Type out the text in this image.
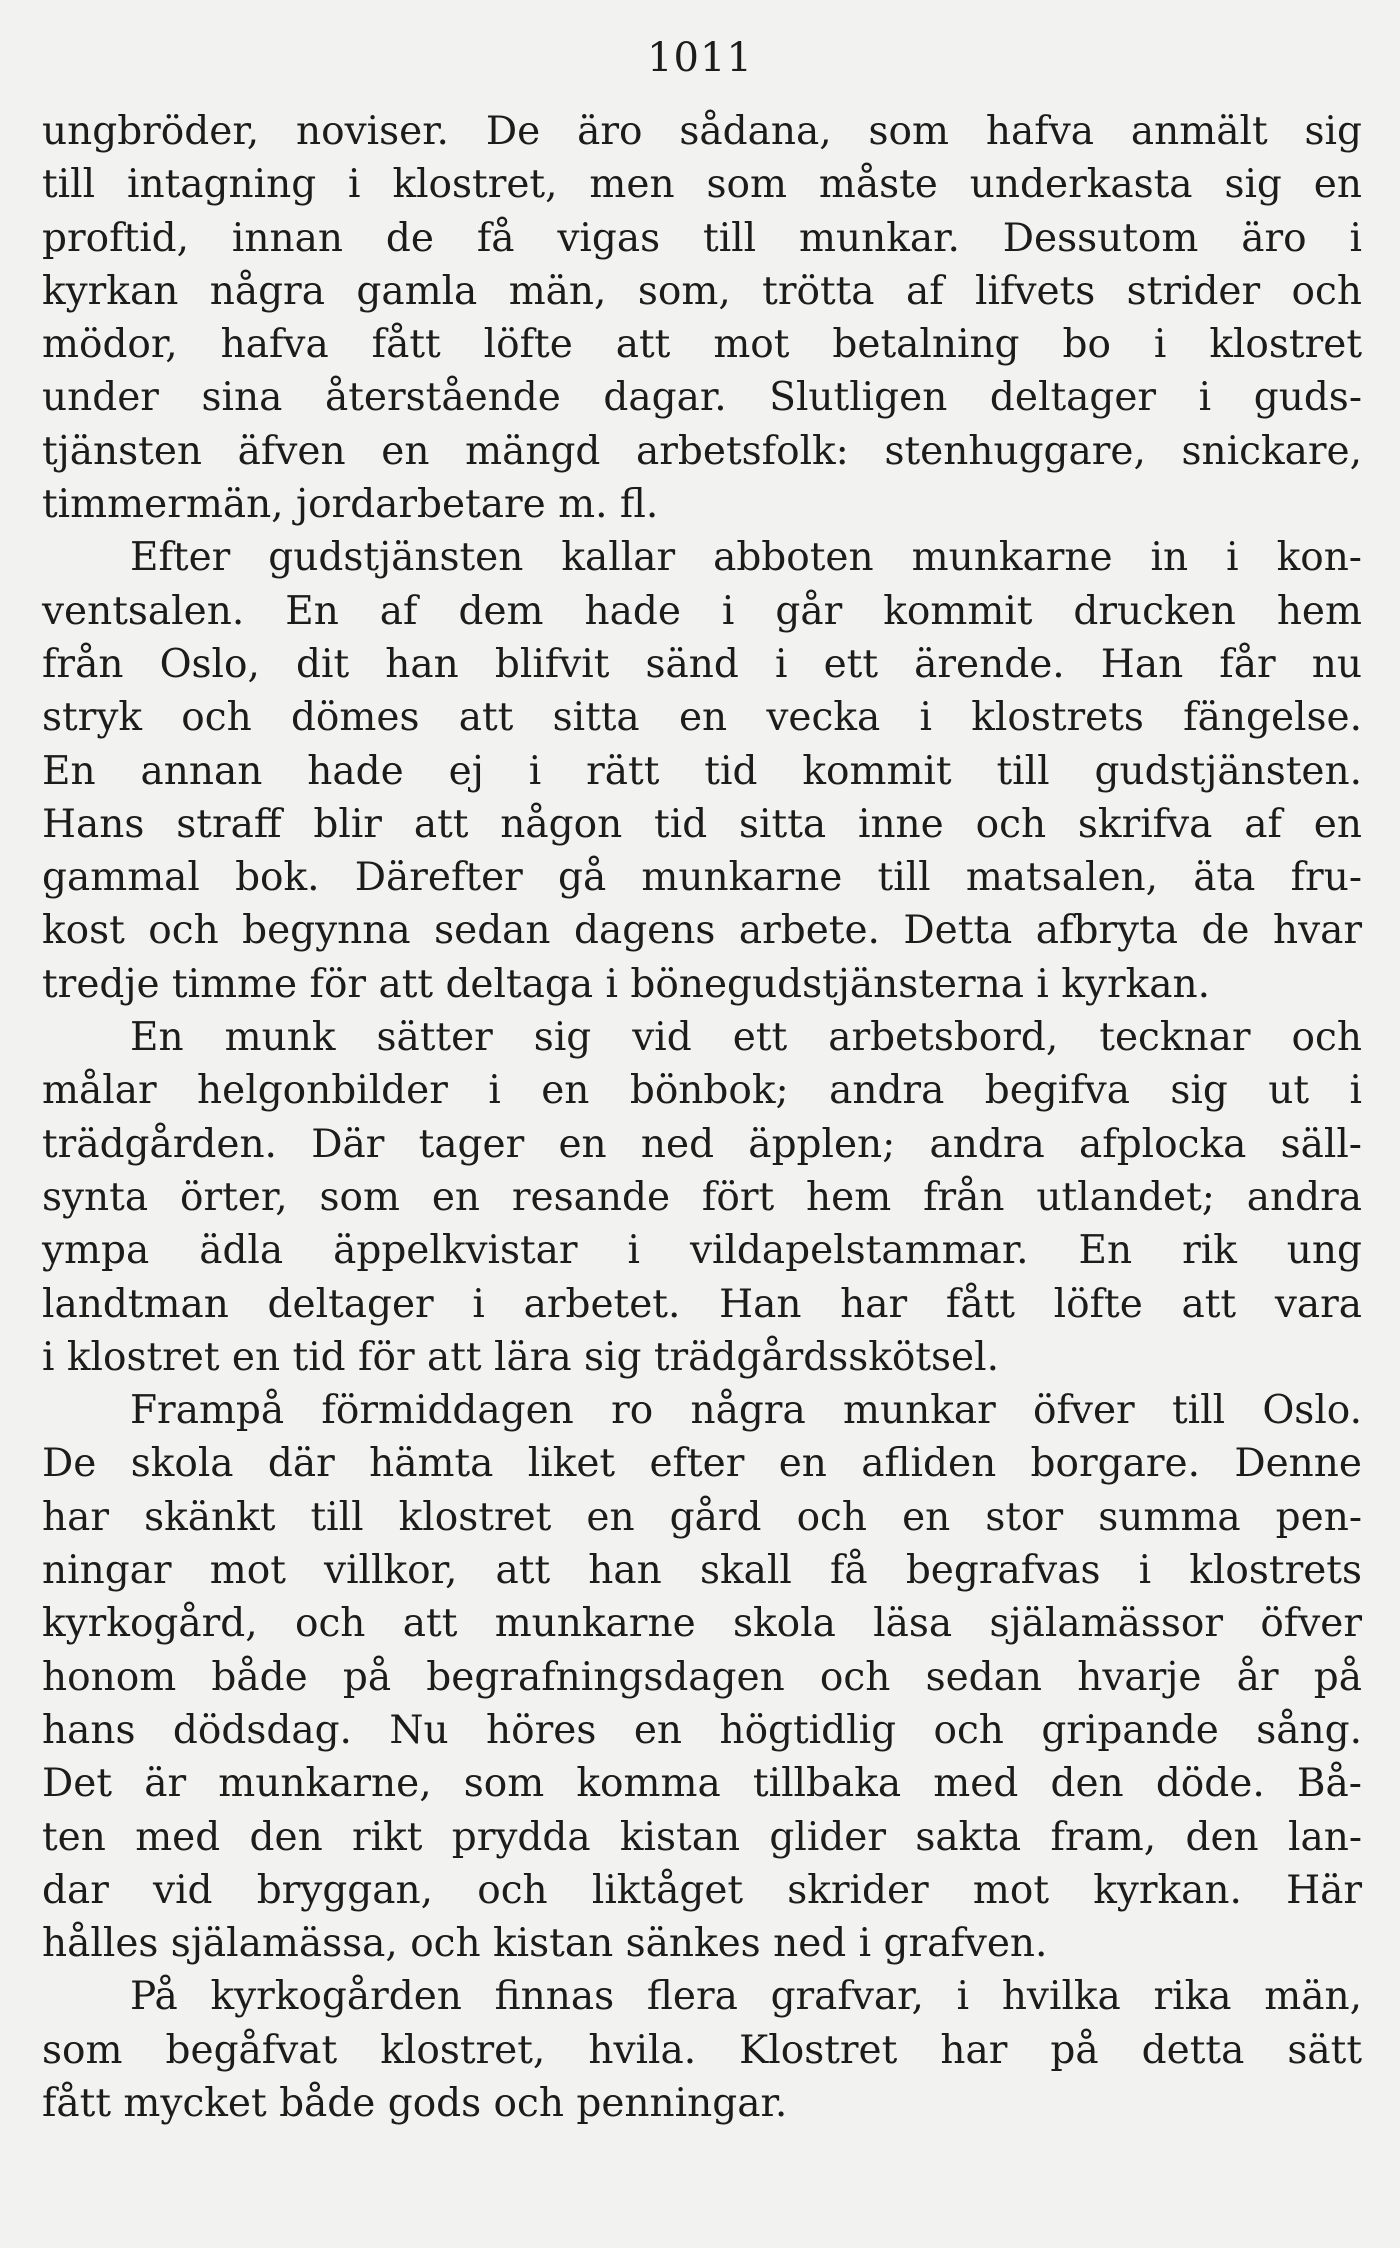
1011
ungbröder, noviser. De äro sådana, som hafva anmält sig
till intagning i klostret, men som måste underkasta sig en
proftid, innan de få vigas till munkar. Dessutom äro i
kyrkan några gamla män, som, trötta af lifvets strider och
mödor, hafva fått löfte att mot betalning bo i klostret
under sina återstående dagar. Slutligen deltager i guds-
tjänsten äfven en mängd arbetsfolk: stenhuggare, snickare,
timmermän, jordarbetare m. fl.
Efter gudstjänsten kallar abboten munkarne in i kon-
ventsalen. En af dem hade i går kommit drucken hem
från Oslo, dit han blifvit sänd i ett ärende. Han får nu
stryk och dömes att sitta en vecka i klostrets fängelse.
En annan hade ej i rätt tid kommit till gudstjänsten.
Hans straff blir att någon tid sitta inne och skrifva af en
gammal bok. Därefter gå munkarne till matsalen, äta fru-
kost och begynna sedan dagens arbete. Detta afbryta de hvar
tredje timme för att deltaga i bönegudstjänsterna i kyrkan.
En munk sätter sig vid ett arbetsbord, tecknar och
målar helgonbilder i en bönbok; andra begifva sig ut i
trädgården. Där tager en ned äpplen; andra afplocka säll-
synta örter, som en resande fört hem från utlandet; andra
ympa ädla äppelkvistar i vildapelstammar. En rik ung
landtman deltager i arbetet. Han har fått löfte att vara
i klostret en tid för att lära sig trädgårdsskötsel.
Frampå förmiddagen ro några munkar öfver till Oslo.
De skola där hämta liket efter en afliden borgare. Denne
har skänkt till klostret en gård och en stor summa pen-
ningar mot villkor, att han skall få begrafvas i klostrets
kyrkogård, och att munkarne skola läsa själamässor öfver
honom både på begrafningsdagen och sedan hvarje år på
hans dödsdag. Nu höres en högtidlig och gripande sång.
Det är munkarne, som komma tillbaka med den döde. Bå-
ten med den rikt prydda kistan glider sakta fram, den lan-
dar vid bryggan, och liktåget skrider mot kyrkan. Här
hålles själamässa, och kistan sänkes ned i grafven.
På kyrkogården finnas flera grafvar, i hvilka rika män,
som begåfvat klostret, hvila. Klostret har på detta sätt
fått mycket både gods och penningar.
